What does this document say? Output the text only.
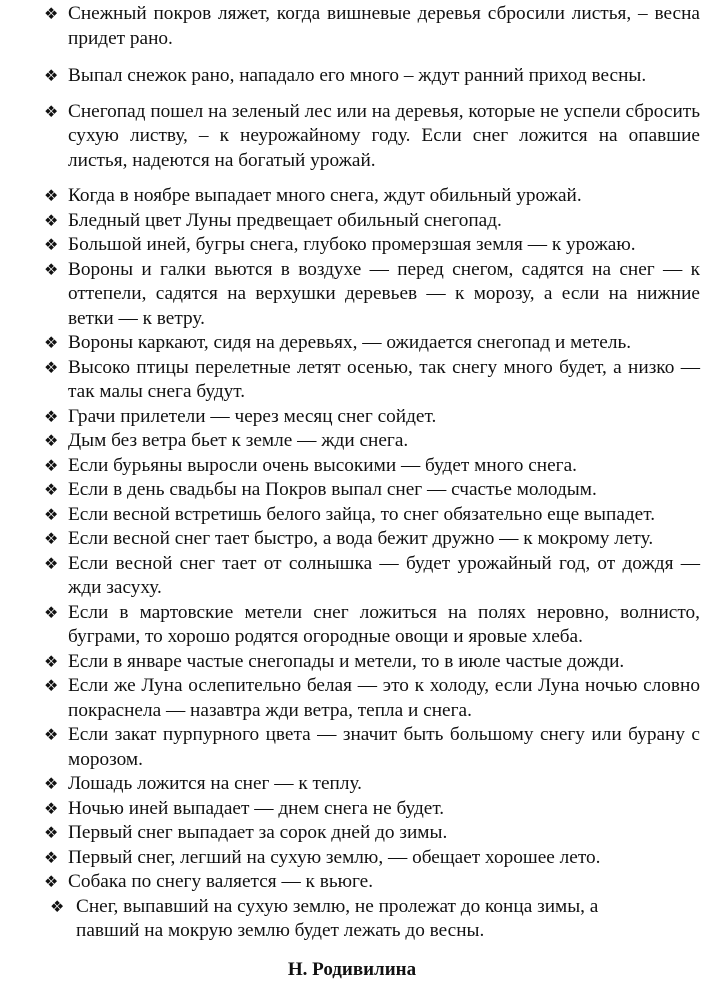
❖ Снежный покров ляжет, когда вишневые деревья сбросили листья, – весна придет рано.
❖ Выпал снежок рано, нападало его много – ждут ранний приход весны.
❖ Снегопад пошел на зеленый лес или на деревья, которые не успели сбросить сухую листву, – к неурожайному году. Если снег ложится на опавшие листья, надеются на богатый урожай.
❖ Когда в ноябре выпадает много снега, ждут обильный урожай.
❖ Бледный цвет Луны предвещает обильный снегопад.
❖ Большой иней, бугры снега, глубоко промерзшая земля — к урожаю.
❖ Вороны и галки вьются в воздухе — перед снегом, садятся на снег — к оттепели, садятся на верхушки деревьев — к морозу, а если на нижние ветки — к ветру.
❖ Вороны каркают, сидя на деревьях, — ожидается снегопад и метель.
❖ Высоко птицы перелетные летят осенью, так снегу много будет, а низко — так малы снега будут.
❖ Грачи прилетели — через месяц снег сойдет.
❖ Дым без ветра бьет к земле — жди снега.
❖ Если бурьяны выросли очень высокими — будет много снега.
❖ Если в день свадьбы на Покров выпал снег — счастье молодым.
❖ Если весной встретишь белого зайца, то снег обязательно еще выпадет.
❖ Если весной снег тает быстро, а вода бежит дружно — к мокрому лету.
❖ Если весной снег тает от солнышка — будет урожайный год, от дождя — жди засуху.
❖ Если в мартовские метели снег ложиться на полях неровно, волнисто, буграми, то хорошо родятся огородные овощи и яровые хлеба.
❖ Если в январе частые снегопады и метели, то в июле частые дожди.
❖ Если же Луна ослепительно белая — это к холоду, если Луна ночью словно покраснела — назавтра жди ветра, тепла и снега.
❖ Если закат пурпурного цвета — значит быть большому снегу или бурану с морозом.
❖ Лошадь ложится на снег — к теплу.
❖ Ночью иней выпадает — днем снега не будет.
❖ Первый снег выпадает за сорок дней до зимы.
❖ Первый снег, легший на сухую землю, — обещает хорошее лето.
❖ Собака по снегу валяется — к вьюге.
❖ Снег, выпавший на сухую землю, не пролежат до конца зимы, а павший на мокрую землю будет лежать до весны.
Н. Родивилина
